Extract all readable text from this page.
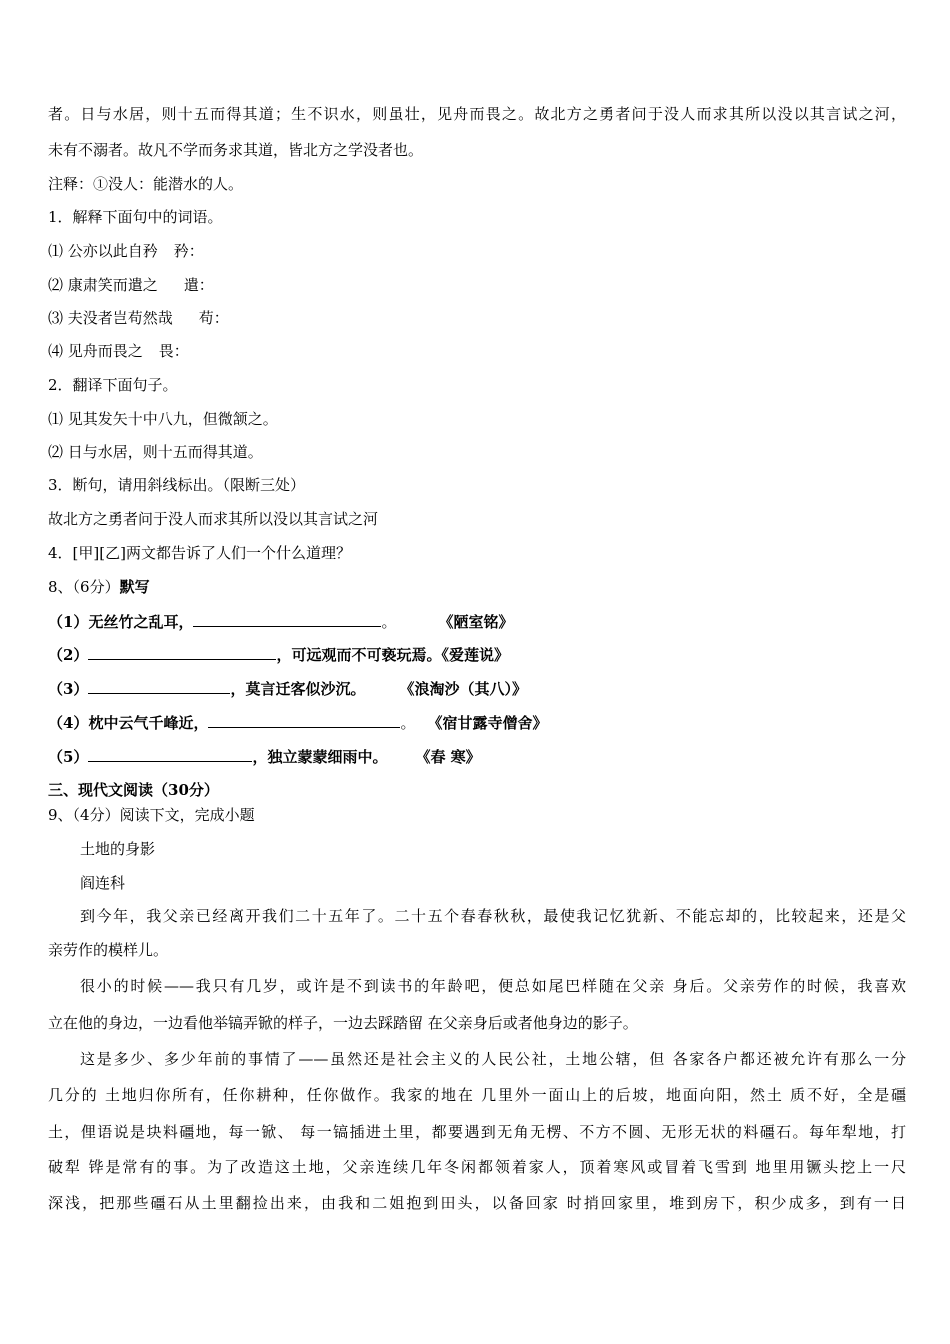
者。日与水居，则十五而得其道；生不识水，则虽壮，见舟而畏之。故北方之勇者问于没人而求其所以没以其言试之河，
未有不溺者。故凡不学而务求其道，皆北方之学没者也。
注释：①没人：能潜水的人。
1．解释下面句中的词语。
⑴ 公亦以此自矜 矜：
⑵ 康肃笑而遣之 遣：
⑶ 夫没者岂苟然哉 苟：
⑷ 见舟而畏之 畏：
2．翻译下面句子。
⑴ 见其发矢十中八九，但微颔之。
⑵ 日与水居，则十五而得其道。
3．断句，请用斜线标出。（限断三处）
故北方之勇者问于没人而求其所以没以其言试之河
4．[甲][乙]两文都告诉了人们一个什么道理？
8、（6分）默写
（1）无丝竹之乱耳，	。	《陋室铭》
（2）	，可远观而不可亵玩焉。《爱莲说》
（3）	，莫言迁客似沙沉。 《浪淘沙（其八）》
（4）枕中云气千峰近，	。 《宿甘露寺僧舍》
（5）	，独立蒙蒙细雨中。 《春 寒》
三、现代文阅读（30分）
9、（4分）阅读下文，完成小题
土地的身影
阎连科
到今年，我父亲已经离开我们二十五年了。二十五个春春秋秋，最使我记忆犹新、不能忘却的，比较起来，还是父
亲劳作的模样儿。
很小的时候——我只有几岁，或许是不到读书的年龄吧，便总如尾巴样随在父亲 身后。父亲劳作的时候，我喜欢
立在他的身边，一边看他举镐弄锨的样子，一边去踩踏留 在父亲身后或者他身边的影子。
这是多少、多少年前的事情了——虽然还是社会主义的人民公社，土地公辖，但 各家各户都还被允许有那么一分
几分的 土地归你所有，任你耕种，任你做作。我家的地在 几里外一面山上的后坡，地面向阳，然土 质不好，全是礓
土，俚语说是块料礓地，每一锨、 每一镐插进土里，都要遇到无角无楞、不方不圆、无形无状的料礓石。每年犁地，打
破犁 铧是常有的事。为了改造这土地，父亲连续几年冬闲都领着家人，顶着寒风或冒着飞雪到 地里用镢头挖上一尺
深浅，把那些礓石从土里翻捡出来，由我和二姐抱到田头，以备回家 时捎回家里，堆到房下，积少成多，到有一日
